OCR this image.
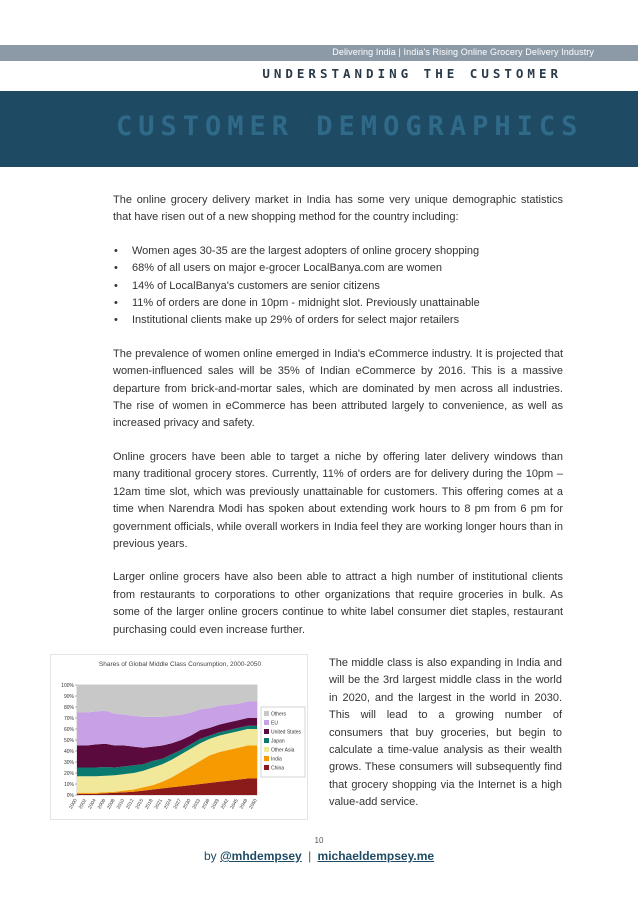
Delivering India | India's Rising Online Grocery Delivery Industry
UNDERSTANDING THE CUSTOMER
CUSTOMER DEMOGRAPHICS

The online grocery delivery market in India has some very unique demographic statistics that have risen out of a new shopping method for the country including:

• Women ages 30-35 are the largest adopters of online grocery shopping
• 68% of all users on major e-grocer LocalBanya.com are women
• 14% of LocalBanya's customers are senior citizens
• 11% of orders are done in 10pm - midnight slot. Previously unattainable
• Institutional clients make up 29% of orders for select major retailers

The prevalence of women online emerged in India's eCommerce industry. It is projected that women-influenced sales will be 35% of Indian eCommerce by 2016. This is a massive departure from brick-and-mortar sales, which are dominated by men across all industries. The rise of women in eCommerce has been attributed largely to convenience, as well as increased privacy and safety.

Online grocers have been able to target a niche by offering later delivery windows than many traditional grocery stores. Currently, 11% of orders are for delivery during the 10pm – 12am time slot, which was previously unattainable for customers. This offering comes at a time when Narendra Modi has spoken about extending work hours to 8 pm from 6 pm for government officials, while overall workers in India feel they are working longer hours than in previous years.

Larger online grocers have also been able to attract a high number of institutional clients from restaurants to corporations to other organizations that require groceries in bulk. As some of the larger online grocers continue to white label consumer diet staples, restaurant purchasing could even increase further.

Shares of Global Middle Class Consumption, 2000-2050
0%
10%
20%
30%
40%
50%
60%
70%
80%
90%
100%
2000 2002 2004 2006 2008 2010 2012 2015 2018 2021 2024 2027 2030 2033 2036 2039 2042 2045 2048 2050
Others
EU
United States
Japan
Other Asia
India
China
The middle class is also expanding in India and will be the 3rd largest middle class in the world in 2020, and the largest in the world in 2030. This will lead to a growing number of consumers that buy groceries, but begin to calculate a time-value analysis as their wealth grows. These consumers will subsequently find that grocery shopping via the Internet is a high value-add service.
10
by @mhdempsey | michaeldempsey.me
